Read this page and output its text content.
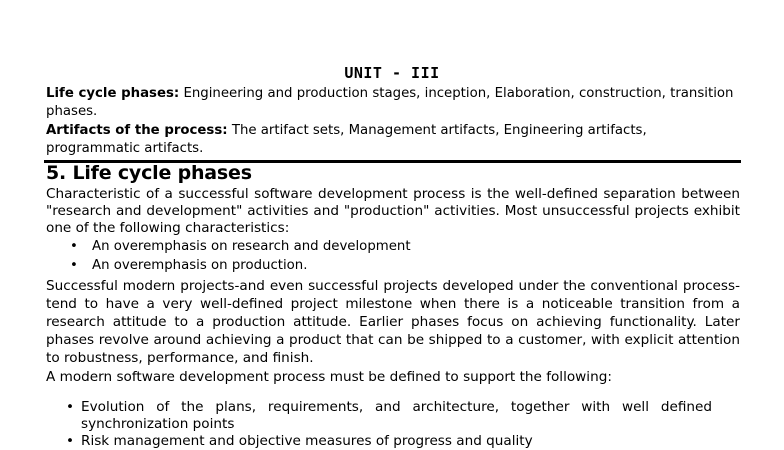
UNIT - III
Life cycle phases: Engineering and production stages, inception, Elaboration, construction, transition phases.
Artifacts of the process: The artifact sets, Management artifacts, Engineering artifacts, programmatic artifacts.
5. Life cycle phases
Characteristic of a successful software development process is the well-defined separation between "research and development" activities and "production" activities. Most unsuccessful projects exhibit one of the following characteristics:
• An overemphasis on research and development
• An overemphasis on production.
Successful modern projects-and even successful projects developed under the conventional process-tend to have a very well-defined project milestone when there is a noticeable transition from a research attitude to a production attitude. Earlier phases focus on achieving functionality. Later phases revolve around achieving a product that can be shipped to a customer, with explicit attention to robustness, performance, and finish.
A modern software development process must be defined to support the following:
• Evolution of the plans, requirements, and architecture, together with well defined synchronization points
• Risk management and objective measures of progress and quality
